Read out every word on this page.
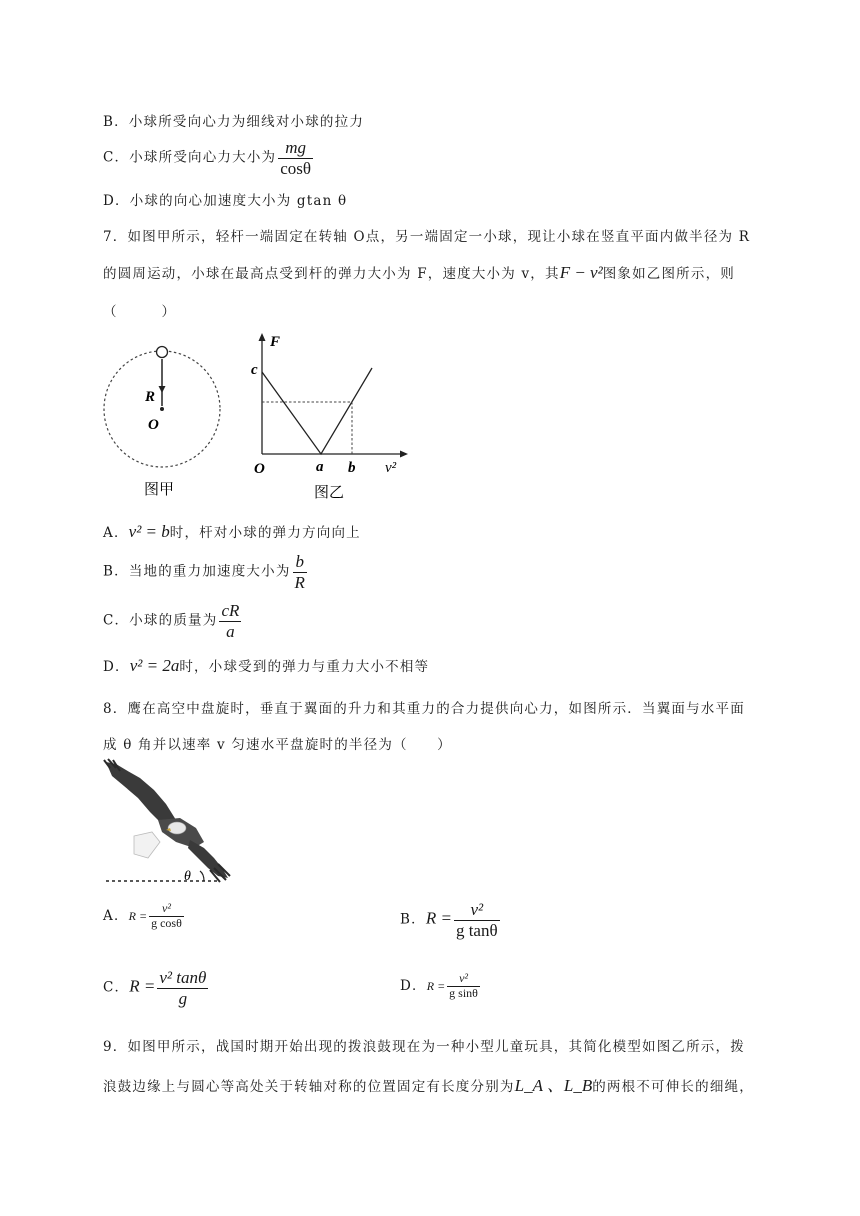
B．小球所受向心力为细线对小球的拉力
C．小球所受向心力大小为 $\frac{mg}{\cos\theta}$
D．小球的向心加速度大小为 gtan θ
7．如图甲所示，轻杆一端固定在转轴 O点，另一端固定一小球，现让小球在竖直平面内做半径为 R
的圆周运动，小球在最高点受到杆的弹力大小为 F，速度大小为 v，其F − v²图象如乙图所示，则
（　　）
R
O
图甲
F
c
O	a b v²
图乙
A．v² = b时，杆对小球的弹力方向向上
B．当地的重力加速度大小为 $\frac{b}{R}$
C．小球的质量为 $\frac{cR}{a}$
D．v² = 2a时，小球受到的弹力与重力大小不相等
8．鹰在高空中盘旋时，垂直于翼面的升力和其重力的合力提供向心力，如图所示．当翼面与水平面
成 θ 角并以速率 v 匀速水平盘旋时的半径为（　　）
θ
A．$R = \frac{\text{v²}}{\text{g cosθ}}$	B．$R = \frac{\text{v²}}{\text{g tanθ}}$
C．$R = \frac{\text{v² tanθ}}{g}$	D．$R = \frac{\text{v²}}{\text{g sinθ}}$
9．如图甲所示，战国时期开始出现的拨浪鼓现在为一种小型儿童玩具，其简化模型如图乙所示，拨
浪鼓边缘上与圆心等高处关于转轴对称的位置固定有长度分别为L_A 、L_B的两根不可伸长的细绳，
